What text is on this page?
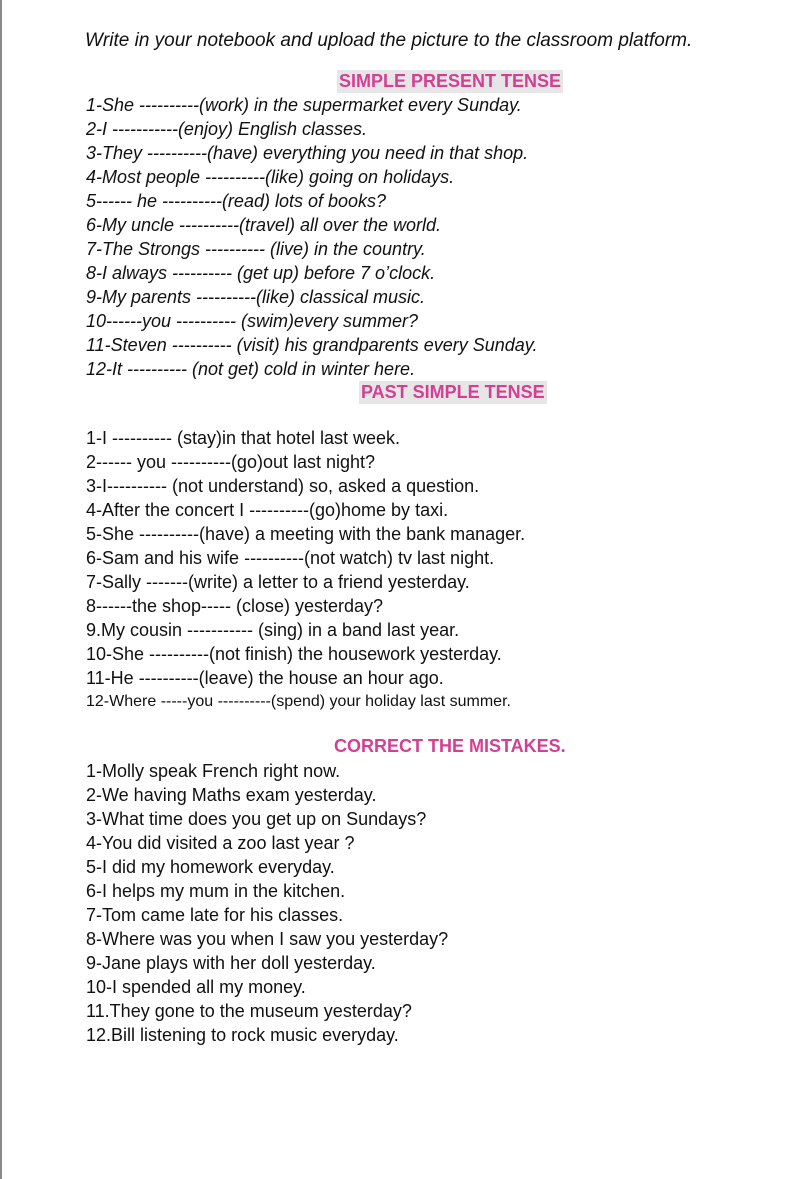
Write in your notebook and upload the picture to the classroom platform.
SIMPLE PRESENT TENSE
1-She ----------(work) in the supermarket every Sunday.
2-I -----------(enjoy) English classes.
3-They ----------(have) everything you need in that shop.
4-Most people ----------(like) going on holidays.
5------ he ----------(read) lots of books?
6-My uncle ----------(travel) all over the world.
7-The Strongs ---------- (live) in the country.
8-I always ---------- (get up) before 7 o’clock.
9-My parents ----------(like) classical music.
10------you ---------- (swim)every summer?
11-Steven ---------- (visit) his grandparents every Sunday.
12-It ---------- (not get) cold in winter here.
PAST SIMPLE TENSE
1-I ---------- (stay)in that hotel last week.
2------ you ----------(go)out last night?
3-I---------- (not understand) so, asked a question.
4-After the concert I ----------(go)home by taxi.
5-She ----------(have) a meeting with the bank manager.
6-Sam and his wife ----------(not watch) tv last night.
7-Sally -------(write) a letter to a friend yesterday.
8------the shop----- (close) yesterday?
9.My cousin ----------- (sing) in a band last year.
10-She ----------(not finish) the housework yesterday.
11-He ----------(leave) the house an hour ago.
12-Where -----you ----------(spend) your holiday last summer.
CORRECT THE MISTAKES.
1-Molly speak French right now.
2-We having Maths exam yesterday.
3-What time does you get up on Sundays?
4-You did visited a zoo last year ?
5-I did my homework everyday.
6-I helps my mum in the kitchen.
7-Tom came late for his classes.
8-Where was you when I saw you yesterday?
9-Jane plays with her doll yesterday.
10-I spended all my money.
11.They gone to the museum yesterday?
12.Bill listening to rock music everyday.
